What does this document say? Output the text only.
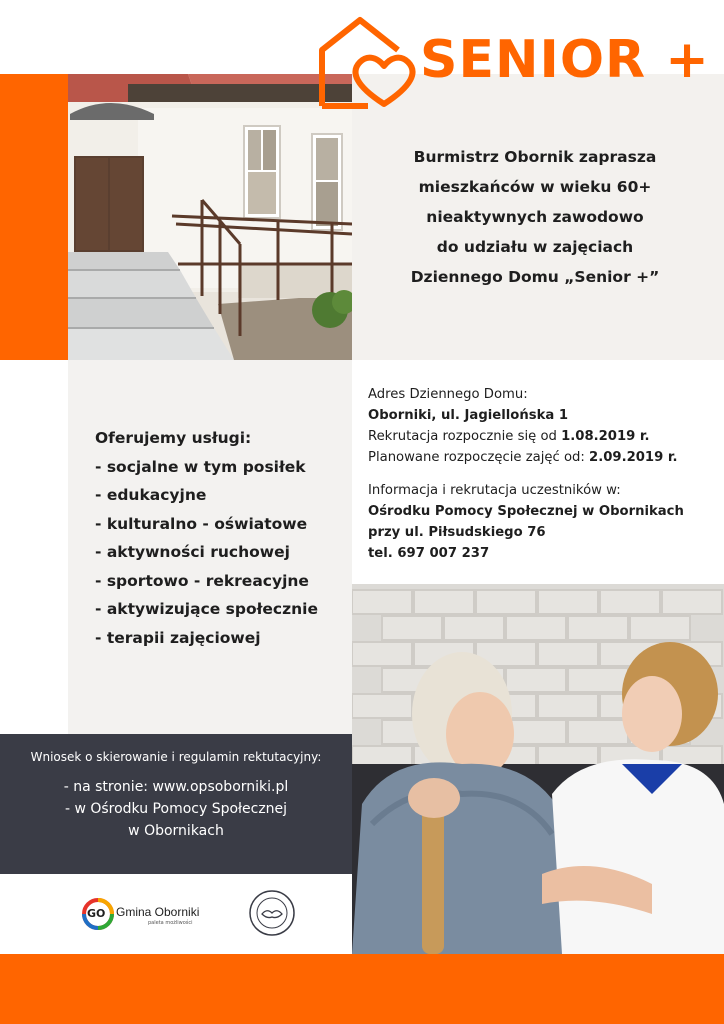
SENIOR +
Burmistrz Obornik zaprasza
mieszkańców w wieku 60+
nieaktywnych zawodowo
do udziału w zajęciach
Dziennego Domu „Senior +”
Oferujemy usługi:
- socjalne w tym posiłek
- edukacyjne
- kulturalno - oświatowe
- aktywności ruchowej
- sportowo - rekreacyjne
- aktywizujące społecznie
- terapii zajęciowej
Adres Dziennego Domu:
Oborniki, ul. Jagiellońska 1
Rekrutacja rozpocznie się od 1.08.2019 r.
Planowane rozpoczęcie zajęć od: 2.09.2019 r.
Informacja i rekrutacja uczestników w:
Ośrodku Pomocy Społecznej w Obornikach
przy ul. Piłsudskiego 76
tel. 697 007 237
Wniosek o skierowanie i regulamin rektutacyjny:
- na stronie: www.opsoborniki.pl
- w Ośrodku Pomocy Społecznej
w Obornikach
GO Gmina Oborniki
paleta możliwości
